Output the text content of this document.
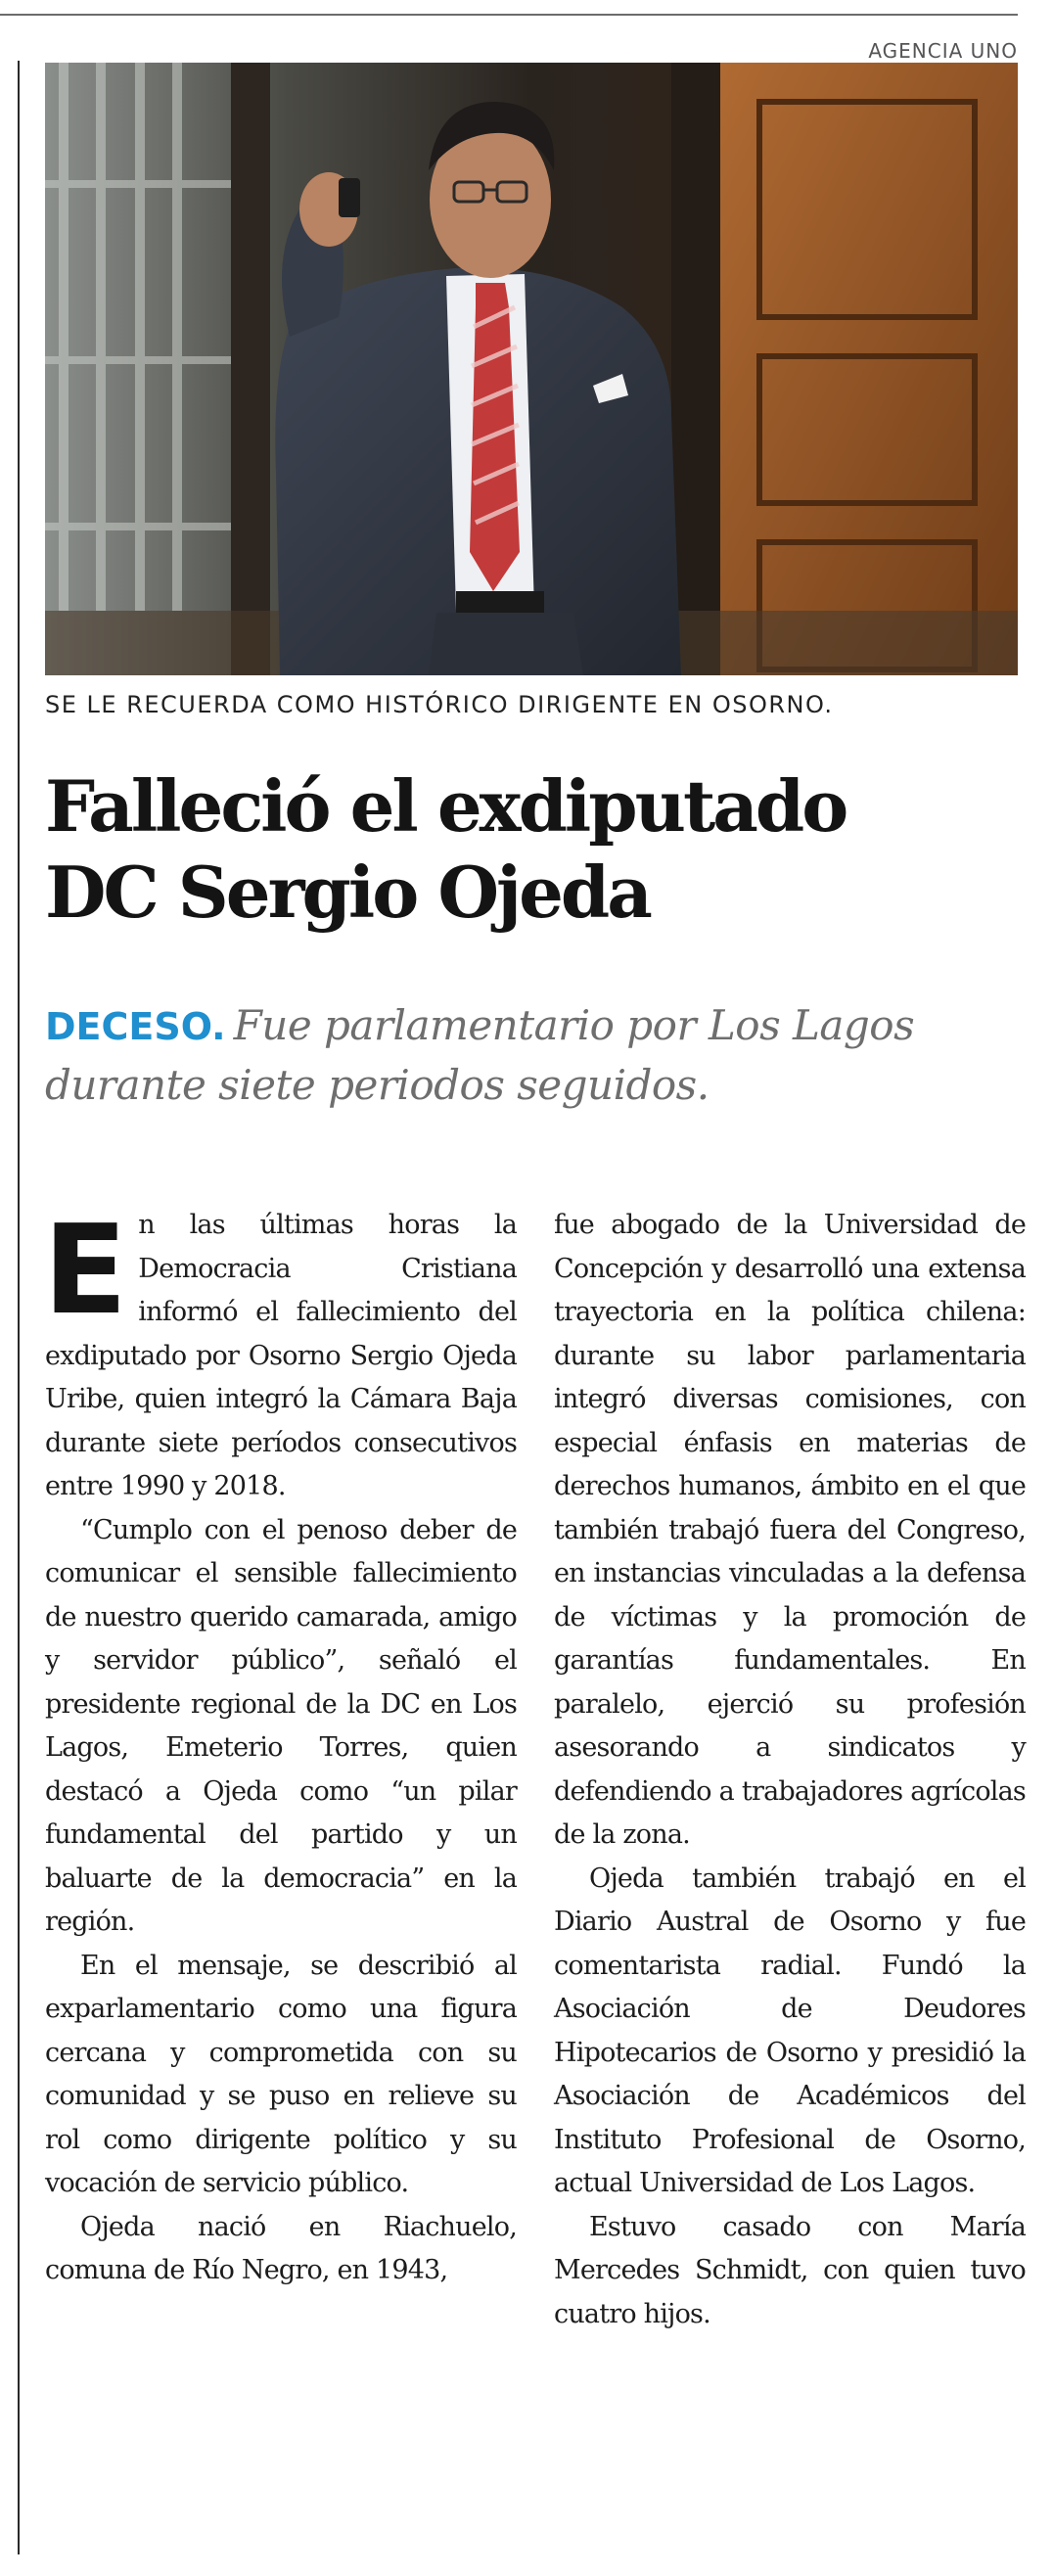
AGENCIA UNO
SE LE RECUERDA COMO HISTÓRICO DIRIGENTE EN OSORNO.
Falleció el exdiputado
DC Sergio Ojeda

DECESO. Fue parlamentario por Los Lagos durante siete periodos seguidos.

En las últimas horas la Democracia Cristiana informó el fallecimiento del exdiputado por Osorno Sergio Ojeda Uribe, quien integró la Cámara Baja durante siete períodos consecutivos entre 1990 y 2018.

“Cumplo con el penoso deber de comunicar el sensible fallecimiento de nuestro querido camarada, amigo y servidor público”, señaló el presidente regional de la DC en Los Lagos, Emeterio Torres, quien destacó a Ojeda como “un pilar fundamental del partido y un baluarte de la democracia” en la región.

En el mensaje, se describió al exparlamentario como una figura cercana y comprometida con su comunidad y se puso en relieve su rol como dirigente político y su vocación de servicio público.

Ojeda nació en Riachuelo, comuna de Río Negro, en 1943,

fue abogado de la Universidad de Concepción y desarrolló una extensa trayectoria en la política chilena: durante su labor parlamentaria integró diversas comisiones, con especial énfasis en materias de derechos humanos, ámbito en el que también trabajó fuera del Congreso, en instancias vinculadas a la defensa de víctimas y la promoción de garantías fundamentales. En paralelo, ejerció su profesión asesorando a sindicatos y defendiendo a trabajadores agrícolas de la zona.

Ojeda también trabajó en el Diario Austral de Osorno y fue comentarista radial. Fundó la Asociación de Deudores Hipotecarios de Osorno y presidió la Asociación de Académicos del Instituto Profesional de Osorno, actual Universidad de Los Lagos.

Estuvo casado con María Mercedes Schmidt, con quien tuvo cuatro hijos.
